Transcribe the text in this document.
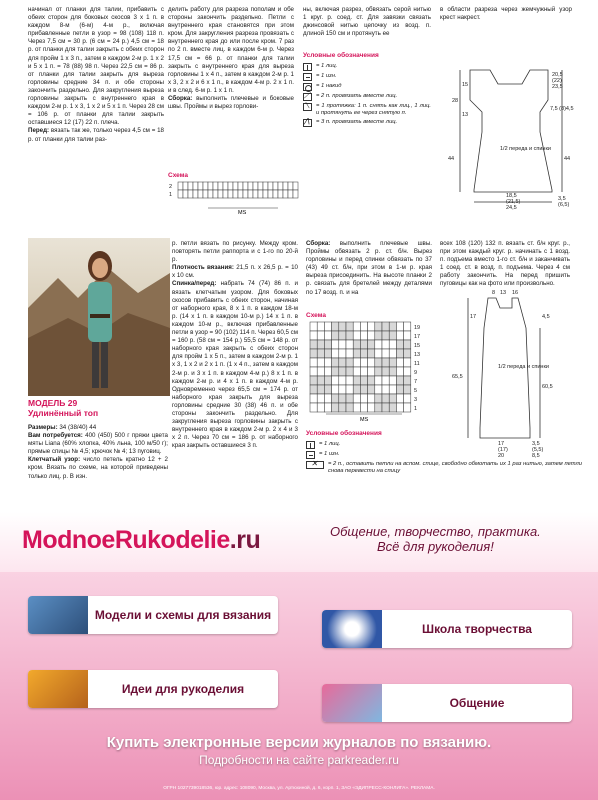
начинал от планки для талии, прибавить с обеих сторон для боковых скосов 3 х 1 п. в каждом 8-м (6-м) 4-м р., включая прибавленные петли в узор = 98 (108) 118 п. Через 7,5 см = 30 р. (6 см = 24 р.) 4,5 см = 18 р. от планки для талии закрыть с обеих сторон для пройм 1 х 3 п., затем в каждом 2-м р. 1 х 2 и 5 х 1 п. = 78 (88) 98 п. Через 22,5 см = 86 р. от планки для талии закрыть для выреза горловины средние 34 п. и обе стороны закончить раздельно. Для закругления выреза горловины закрыть с внутреннего края в каждом 2-м р. 1 х 3, 1 х 2 и 5 х 1 п. Через 28 см = 106 р. от планки для талии закрыть оставшиеся 12 (17) 22 п. плеча.

Перед: вязать так же, только через 4,5 см = 18 р. от планки для талии раз-

делить работу для разреза пополам и обе стороны закончить раздельно. Петли с внутреннего края становятся при этом кром. Для закругления разреза провязать с внутреннего края до или после кром. 7 раз по 2 п. вместе лиц. в каждом 6-м р. Через 17,5 см = 66 р. от планки для талии закрыть с внутреннего края для выреза горловины 1 х 4 п., затем в каждом 2-м р. 1 х 3, 2 х 2 и 6 х 1 п., в каждом 4-м р. 2 х 1 п. и в след. 6-м р. 1 х 1 п.

Сборка: выполнить плечевые и боковые швы. Проймы и вырез горлови-

ны, включая разрез, обвязать серой нитью 1 круг. р. соед. ст. Для завязки связать джинсовой нитью цепочку из возд. п. длиной 150 см и протянуть ее

Условные обозначения
= 1 лиц.
= 1 изн.
= 1 накид
⟋
= 2 п. провязать вместе лиц.
⟍
= 1 протяжка: 1 п. снять как лиц., 1 лиц. и протянуть ее через снятую п.
⋀
= 3 п. провязать вместе лиц.

в области разреза через жемчужный узор крест накрест.

1/2 переда и спинки
20,5
(22)
23,5
7,5 (8)4,5
15
28
13
44	44
18,5
(21,5)
24,5
3,5
(6,5)
Схема
2
1
MS
МОДЕЛЬ 29
Удлинённый топ

Размеры: 34 (38/40) 44

Вам потребуется: 400 (450) 500 г пряжи цвета мяты Liana (60% хлопка, 40% льна, 100 м/50 г); прямые спицы № 4,5; крючок № 4; 13 пуговиц.

Клетчатый узор: число петель кратно 12 + 2 кром. Вязать по схеме, на которой приведены только лиц. р. В изн.

р. петли вязать по рисунку. Между кром. повторять петли раппорта и с 1-го по 20-й р.

Плотность вязания: 21,5 п. х 26,5 р. = 10 х 10 см.

Спинка/перед: набрать 74 (74) 86 п. и вязать клетчатым узором. Для боковых скосов прибавить с обеих сторон, начиная от наборного края, 8 х 1 п. в каждом 18-м р. (14 х 1 п. в каждом 10-м р.) 14 х 1 п. в каждом 10-м р., включая прибавленные петли в узор = 90 (102) 114 п. Через 60,5 см = 160 р. (58 см = 154 р.) 55,5 см = 148 р. от наборного края закрыть с обеих сторон для пройм 1 х 5 п., затем в каждом 2-м р. 1 х 3, 1 х 2 и 2 х 1 п. (1 х 4 п., затем в каждом 2-м р. и 3 х 1 п. в каждом 4-м р.) 8 х 1 п. в каждом 2-м р. и 4 х 1 п. в каждом 4-м р. Одновременно через 65,5 см = 174 р. от наборного края закрыть для выреза горловины средние 30 (38) 46 п. и обе стороны закончить раздельно. Для закругления выреза горловины закрыть с внутреннего края в каждом 2-м р. 2 х 4 и 3 х 2 п. Через 70 см = 186 р. от наборного края закрыть оставшиеся 3 п.

Сборка: выполнить плечевые швы. Проймы обвязать 2 р. ст. б/н. Вырез горловины и перед спинки обвязать по 37 (43) 49 ст. б/н, при этом в 1-м р. края выреза присоединить. На высоте планки 2 р. связать для бретелей между деталями по 17 возд. п. и на

всех 108 (120) 132 п. вязать ст. б/н круг. р., при этом каждый круг. р. начинать с 1 возд. п. подъема вместо 1-го ст. б/н и заканчивать 1 соед. ст. в возд. п. подъема. Через 4 см работу закончить. На перед пришить пуговицы как на фото или произвольно.

1/2 переда и спинки
8 13 16
17
65,5
4,5
60,5
17
(17)
20
3,5
(5,5)
8,5
Схема
19
17
15
13
11
9
7
5
3
1
MS
Условные обозначения
= 1 лиц.
= 1 изн.
✕
= 2 п., оставить петли на вспом. спице, свободно обмотать их 1 раз нитью, затем петли снова перевести на спицу
ModnoeRukodelie.ru	Общение, творчество, практика.
Всё для рукоделия!
Модели и схемы для вязания
Школа творчества
Идеи для рукоделия
Общение
Купить электронные версии журналов по вязанию.
Подробности на сайте parkreader.ru
ОГРН 1027739018536, юр. адрес: 108090, Москва, ул. Артюхиной, д. 6, корп. 1, ЗАО «ЭДИПРЕСС-КОНЛИГА». РЕКЛАМА.
